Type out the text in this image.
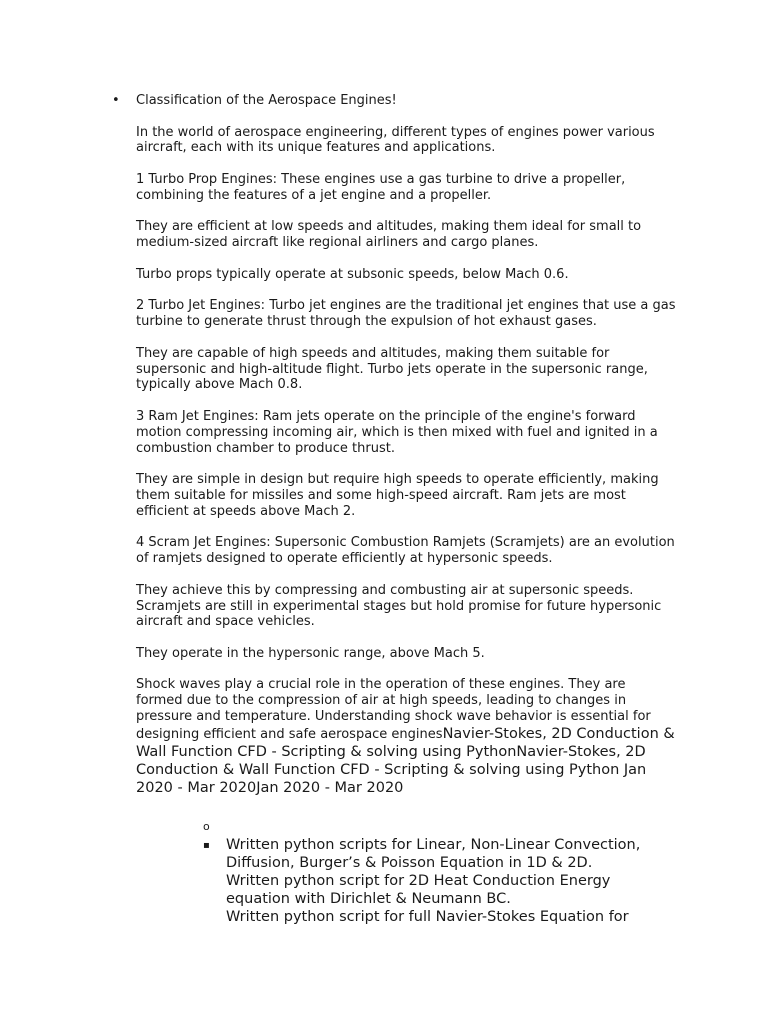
• Classification of the Aerospace Engines!

In the world of aerospace engineering, different types of engines power various aircraft, each with its unique features and applications.

1 Turbo Prop Engines: These engines use a gas turbine to drive a propeller, combining the features of a jet engine and a propeller.

They are efficient at low speeds and altitudes, making them ideal for small to medium-sized aircraft like regional airliners and cargo planes.

Turbo props typically operate at subsonic speeds, below Mach 0.6.

2 Turbo Jet Engines: Turbo jet engines are the traditional jet engines that use a gas turbine to generate thrust through the expulsion of hot exhaust gases.

They are capable of high speeds and altitudes, making them suitable for supersonic and high-altitude flight. Turbo jets operate in the supersonic range, typically above Mach 0.8.

3 Ram Jet Engines: Ram jets operate on the principle of the engine's forward motion compressing incoming air, which is then mixed with fuel and ignited in a combustion chamber to produce thrust.

They are simple in design but require high speeds to operate efficiently, making them suitable for missiles and some high-speed aircraft. Ram jets are most efficient at speeds above Mach 2.

4 Scram Jet Engines: Supersonic Combustion Ramjets (Scramjets) are an evolution of ramjets designed to operate efficiently at hypersonic speeds.

They achieve this by compressing and combusting air at supersonic speeds. Scramjets are still in experimental stages but hold promise for future hypersonic aircraft and space vehicles.

They operate in the hypersonic range, above Mach 5.

Shock waves play a crucial role in the operation of these engines. They are formed due to the compression of air at high speeds, leading to changes in pressure and temperature. Understanding shock wave behavior is essential for designing efficient and safe aerospace enginesNavier-Stokes, 2D Conduction & Wall Function CFD - Scripting & solving using PythonNavier-Stokes, 2D Conduction & Wall Function CFD - Scripting & solving using Python Jan 2020 - Mar 2020Jan 2020 - Mar 2020

o
▪ Written python scripts for Linear, Non-Linear Convection, Diffusion, Burger’s & Poisson Equation in 1D & 2D.
Written python script for 2D Heat Conduction Energy equation with Dirichlet & Neumann BC.
Written python script for full Navier-Stokes Equation for
